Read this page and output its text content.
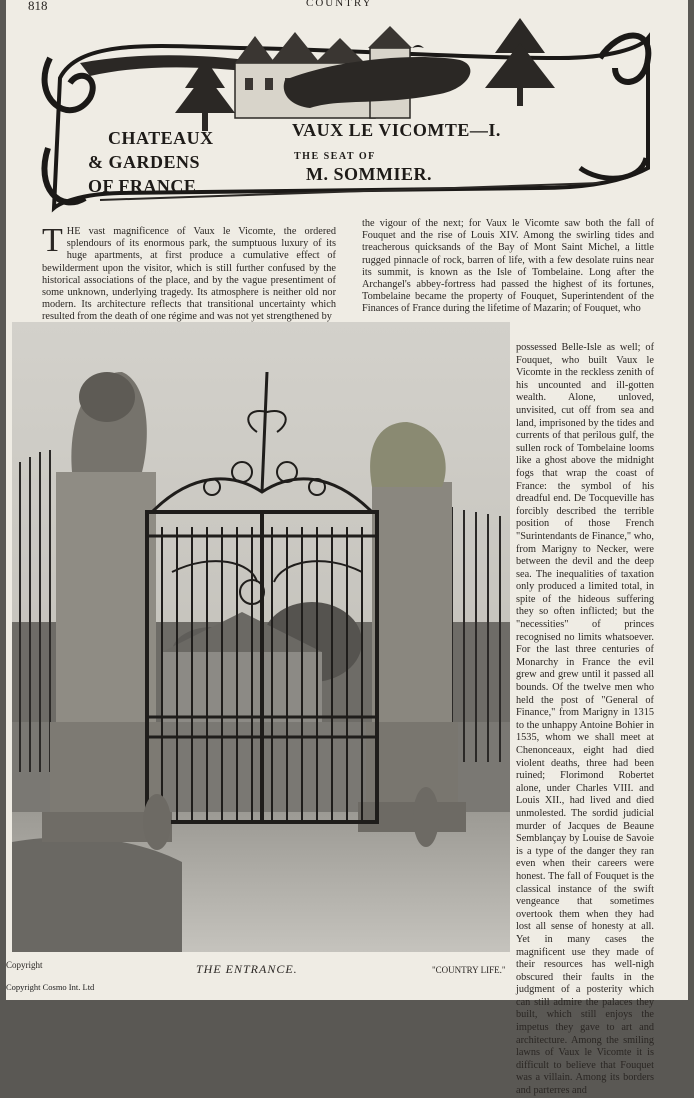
818	COUNTRY
CHATEAUX
& GARDENS
OF FRANCE
VAUX LE VICOMTE—I.
THE SEAT OF
M. SOMMIER.
T HE vast magnificence of Vaux le Vicomte, the ordered splendours of its enormous park, the sumptuous luxury of its huge apartments, at first produce a cumulative effect of bewilderment upon the visitor, which is still further confused by the historical associations of the place, and by the vague presentiment of some unknown, underlying tragedy. Its atmosphere is neither old nor modern. Its architecture reflects that transitional uncertainty which resulted from the death of one régime and was not yet strengthened by

the vigour of the next; for Vaux le Vicomte saw both the fall of Fouquet and the rise of Louis XIV. Among the swirling tides and treacherous quicksands of the Bay of Mont Saint Michel, a little rugged pinnacle of rock, barren of life, with a few desolate ruins near its summit, is known as the Isle of Tombelaine. Long after the Archangel's abbey-fortress had passed the highest of its fortunes, Tombelaine became the property of Fouquet, Superintendent of the Finances of France during the lifetime of Mazarin; of Fouquet, who

possessed Belle-Isle as well; of Fouquet, who built Vaux le Vicomte in the reckless zenith of his uncounted and ill-gotten wealth. Alone, unloved, unvisited, cut off from sea and land, imprisoned by the tides and currents of that perilous gulf, the sullen rock of Tombelaine looms like a ghost above the midnight fogs that wrap the coast of France: the symbol of his dreadful end. De Tocqueville has forcibly described the terrible position of those French "Surintendants de Finance," who, from Marigny to Necker, were between the devil and the deep sea. The inequalities of taxation only produced a limited total, in spite of the hideous suffering they so often inflicted; but the "necessities" of princes recognised no limits whatsoever. For the last three centuries of Monarchy in France the evil grew and grew until it passed all bounds. Of the twelve men who held the post of "General of Finance," from Marigny in 1315 to the unhappy Antoine Bohier in 1535, whom we shall meet at Chenonceaux, eight had died violent deaths, three had been ruined; Florimond Robertet alone, under Charles VIII. and Louis XII., had lived and died unmolested. The sordid judicial murder of Jacques de Beaune Semblançay by Louise de Savoie is a type of the danger they ran even when their careers were honest. The fall of Fouquet is the classical instance of the swift vengeance that sometimes overtook them when they had lost all sense of honesty at all. Yet in many cases the magnificent use they made of their resources has well-nigh obscured their faults in the judgment of a posterity which can still admire the palaces they built, which still enjoys the impetus they gave to art and architecture. Among the smiling lawns of Vaux le Vicomte it is difficult to believe that Fouquet was a villain. Among its borders and parterres and

Copyright	THE ENTRANCE.	"COUNTRY LIFE."
Copyright Cosmo Int. Ltd
